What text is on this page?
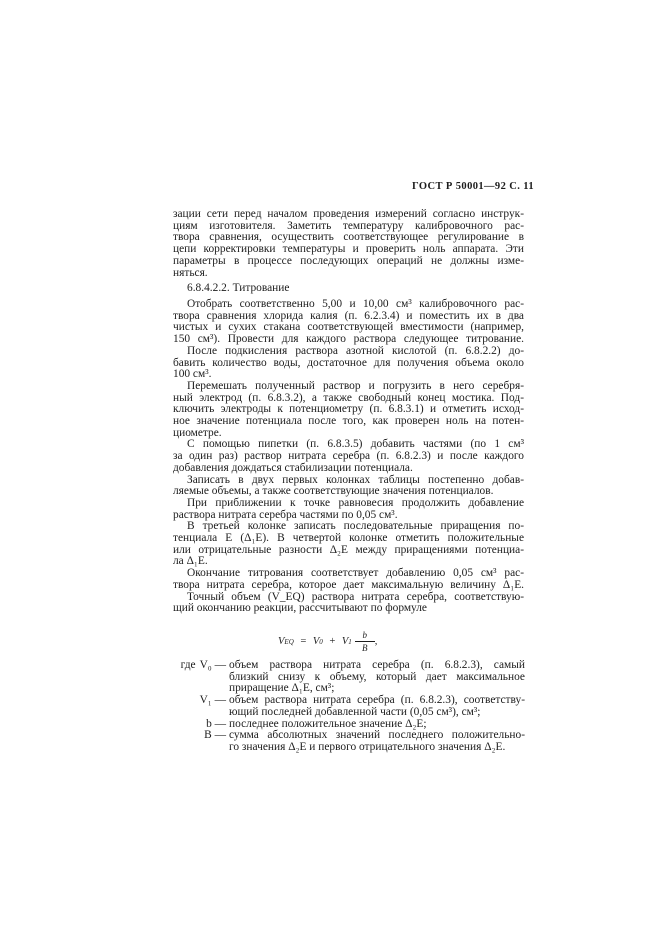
ГОСТ Р 50001—92 С. 11

зации сети перед началом проведения измерений согласно инструк-

циям изготовителя. Заметить температуру калибровочного рас-

твора сравнения, осуществить соответствующее регулирование в

цепи корректировки температуры и проверить ноль аппарата. Эти

параметры в процессе последующих операций не должны изме-

няться.

6.8.4.2.2. Титрование

Отобрать соответственно 5,00 и 10,00 см³ калибровочного рас-

твора сравнения хлорида калия (п. 6.2.3.4) и поместить их в два

чистых и сухих стакана соответствующей вместимости (например,

150 см³). Провести для каждого раствора следующее титрование.

После подкисления раствора азотной кислотой (п. 6.8.2.2) до-

бавить количество воды, достаточное для получения объема около

100 см³.

Перемешать полученный раствор и погрузить в него серебря-

ный электрод (п. 6.8.3.2), а также свободный конец мостика. Под-

ключить электроды к потенциометру (п. 6.8.3.1) и отметить исход-

ное значение потенциала после того, как проверен ноль на потен-

циометре.

С помощью пипетки (п. 6.8.3.5) добавить частями (по 1 см³

за один раз) раствор нитрата серебра (п. 6.8.2.3) и после каждого

добавления дождаться стабилизации потенциала.

Записать в двух первых колонках таблицы постепенно добав-

ляемые объемы, а также соответствующие значения потенциалов.

При приближении к точке равновесия продолжить добавление

раствора нитрата серебра частями по 0,05 см³.

В третьей колонке записать последовательные приращения по-

тенциала E (Δ₁E). В четвертой колонке отметить положительные

или отрицательные разности Δ₂E между приращениями потенциа-

ла Δ₁E.

Окончание титрования соответствует добавлению 0,05 см³ рас-

твора нитрата серебра, которое дает максимальную величину Δ₁E.

Точный объем (V_EQ) раствора нитрата серебра, соответствую-

щий окончанию реакции, рассчитывают по формуле

V EQ = V 0 + V $1 \frac{b}{B}$ ,
где V₀ — объем раствора нитрата серебра (п. 6.8.2.3), самый
близкий снизу к объему, который дает максимальное
приращение Δ₁E, см³;
V₁ — объем раствора нитрата серебра (п. 6.8.2.3), соответству-
ющий последней добавленной части (0,05 см³), см³;
b — последнее положительное значение Δ₂E;
B — сумма абсолютных значений последнего положительно-
го значения Δ₂E и первого отрицательного значения Δ₂E.
